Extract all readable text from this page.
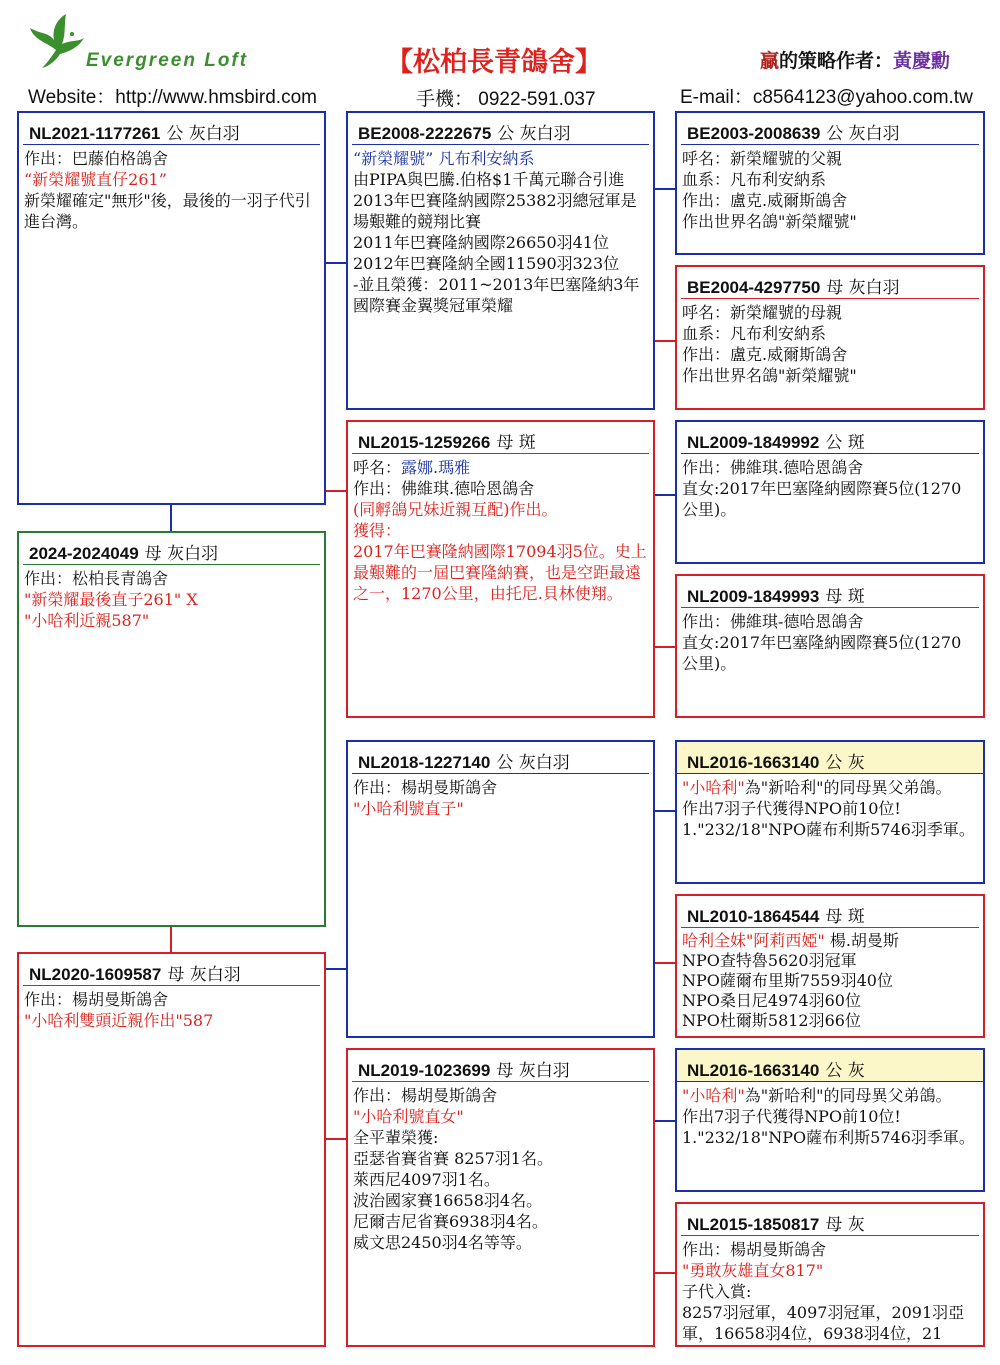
Evergreen Loft	【松柏長青鴿舍】	贏的策略作者：黃慶勳
Website：http://www.hmsbird.com	手機： 0922-591.037	E-mail：c8564123@yahoo.com.tw
NL2021-1177261 公 灰白羽
作出：巴藤伯格鴿舍
“新榮耀號直仔261”
新榮耀確定"無形"後，最後的一羽子代引進台灣。
2024-2024049 母 灰白羽
作出：松柏長青鴿舍
"新榮耀最後直子261" X
"小哈利近親587"
NL2020-1609587 母 灰白羽
作出：楊胡曼斯鴿舍
"小哈利雙頭近親作出"587
BE2008-2222675 公 灰白羽
“新榮耀號” 凡布利安納系
由PIPA與巴騰.伯格$1千萬元聯合引進
2013年巴賽隆納國際25382羽總冠軍是場艱難的競翔比賽
2011年巴賽隆納國際26650羽41位
2012年巴賽隆納全國11590羽323位
-並且榮獲：2011~2013年巴塞隆納3年國際賽金翼獎冠軍榮耀
NL2015-1259266 母 斑
呼名：露娜.瑪雅
作出：佛維琪.德哈恩鴿舍
(同孵鴿兄妹近親互配)作出。
獲得：
2017年巴賽隆納國際17094羽5位。史上最艱難的一屆巴賽隆納賽，也是空距最遠之一，1270公里，由托尼.貝林使翔。
NL2018-1227140 公 灰白羽
作出：楊胡曼斯鴿舍
"小哈利號直子"
NL2019-1023699 母 灰白羽
作出：楊胡曼斯鴿舍
"小哈利號直女"
全平輩榮獲:
亞瑟省賽省賽 8257羽1名。
萊西尼4097羽1名。
波治國家賽16658羽4名。
尼爾吉尼省賽6938羽4名。
威文思2450羽4名等等。
BE2003-2008639 公 灰白羽
呼名：新榮耀號的父親
血系：凡布利安納系
作出：盧克.威爾斯鴿舍
作出世界名鴿"新榮耀號"
BE2004-4297750 母 灰白羽
呼名：新榮耀號的母親
血系：凡布利安納系
作出：盧克.威爾斯鴿舍
作出世界名鴿"新榮耀號"
NL2009-1849992 公 斑
作出：佛維琪.德哈恩鴿舍
直女:2017年巴塞隆納國際賽5位(1270公里)。
NL2009-1849993 母 斑
作出：佛維琪-德哈恩鴿舍
直女:2017年巴塞隆納國際賽5位(1270公里)。
NL2016-1663140 公 灰
"小哈利"為"新哈利"的同母異父弟鴿。
作出7羽子代獲得NPO前10位!
1."232/18"NPO薩布利斯5746羽季軍。
NL2010-1864544 母 斑
哈利全妹"阿莉西婭" 楊.胡曼斯
NPO查特魯5620羽冠軍
NPO薩爾布里斯7559羽40位
NPO桑日尼4974羽60位
NPO杜爾斯5812羽66位
NL2016-1663140 公 灰
"小哈利"為"新哈利"的同母異父弟鴿。
作出7羽子代獲得NPO前10位!
1."232/18"NPO薩布利斯5746羽季軍。
NL2015-1850817 母 灰
作出：楊胡曼斯鴿舍
"勇敢灰雄直女817"
子代入賞:
8257羽冠軍，4097羽冠軍，2091羽亞軍，16658羽4位，6938羽4位，21
